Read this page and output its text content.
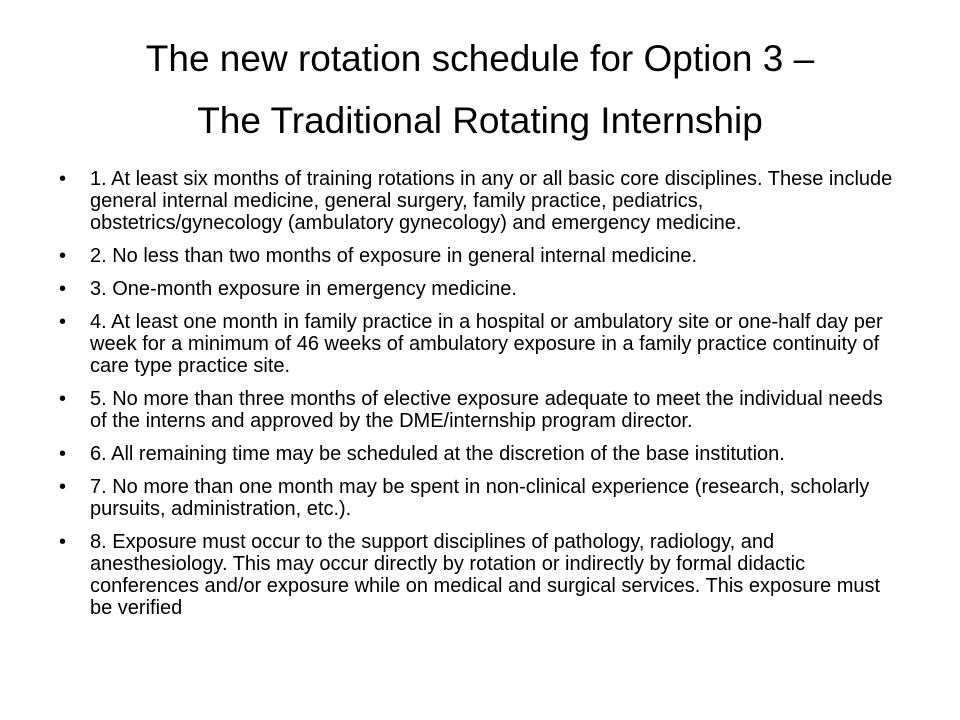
The new rotation schedule for Option 3 –
The Traditional Rotating Internship
• 1. At least six months of training rotations in any or all basic core disciplines. These include general internal medicine, general surgery, family practice, pediatrics, obstetrics/gynecology (ambulatory gynecology) and emergency medicine.
• 2. No less than two months of exposure in general internal medicine.
• 3. One-month exposure in emergency medicine.
• 4. At least one month in family practice in a hospital or ambulatory site or one-half day per week for a minimum of 46 weeks of ambulatory exposure in a family practice continuity of care type practice site.
• 5. No more than three months of elective exposure adequate to meet the individual needs of the interns and approved by the DME/internship program director.
• 6. All remaining time may be scheduled at the discretion of the base institution.
• 7. No more than one month may be spent in non-clinical experience (research, scholarly pursuits, administration, etc.).
• 8. Exposure must occur to the support disciplines of pathology, radiology, and anesthesiology. This may occur directly by rotation or indirectly by formal didactic conferences and/or exposure while on medical and surgical services. This exposure must be verified
